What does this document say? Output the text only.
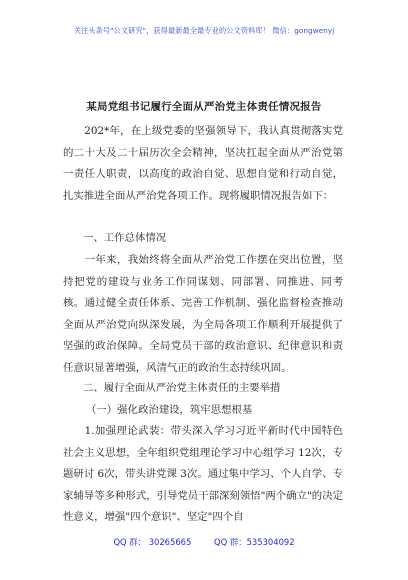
关注头条号"公文研究"，获得最新最全最专业的公文资料库！ 微信：gongwenyj
某局党组书记履行全面从严治党主体责任情况报告

　　202*年，在上级党委的坚强领导下，我认真贯彻落实党的二十大及二十届历次全会精神，坚决扛起全面从严治党第一责任人职责，以高度的政治自觉、思想自觉和行动自觉，扎实推进全面从严治党各项工作。现将履职情况报告如下：

一、工作总体情况

　　一年来，我始终将全面从严治党工作摆在突出位置，坚持把党的建设与业务工作同谋划、同部署、同推进、同考核。通过健全责任体系、完善工作机制、强化监督检查推动全面从严治党向纵深发展，为全局各项工作顺利开展提供了坚强的政治保障。全局党员干部的政治意识、纪律意识和责任意识显著增强，风清气正的政治生态持续巩固。

二、履行全面从严治党主体责任的主要举措
（一）强化政治建设，筑牢思想根基

　　1.加强理论武装：带头深入学习习近平新时代中国特色社会主义思想，全年组织党组理论学习中心组学习 12次，专题研讨 6次，带头讲党课 3次。通过集中学习、个人自学、专家辅导等多种形式，引导党员干部深刻领悟"两个确立"的决定性意义，增强"四个意识"、坚定"四个自

QQ 群： 30265665	QQ 群：535304092
